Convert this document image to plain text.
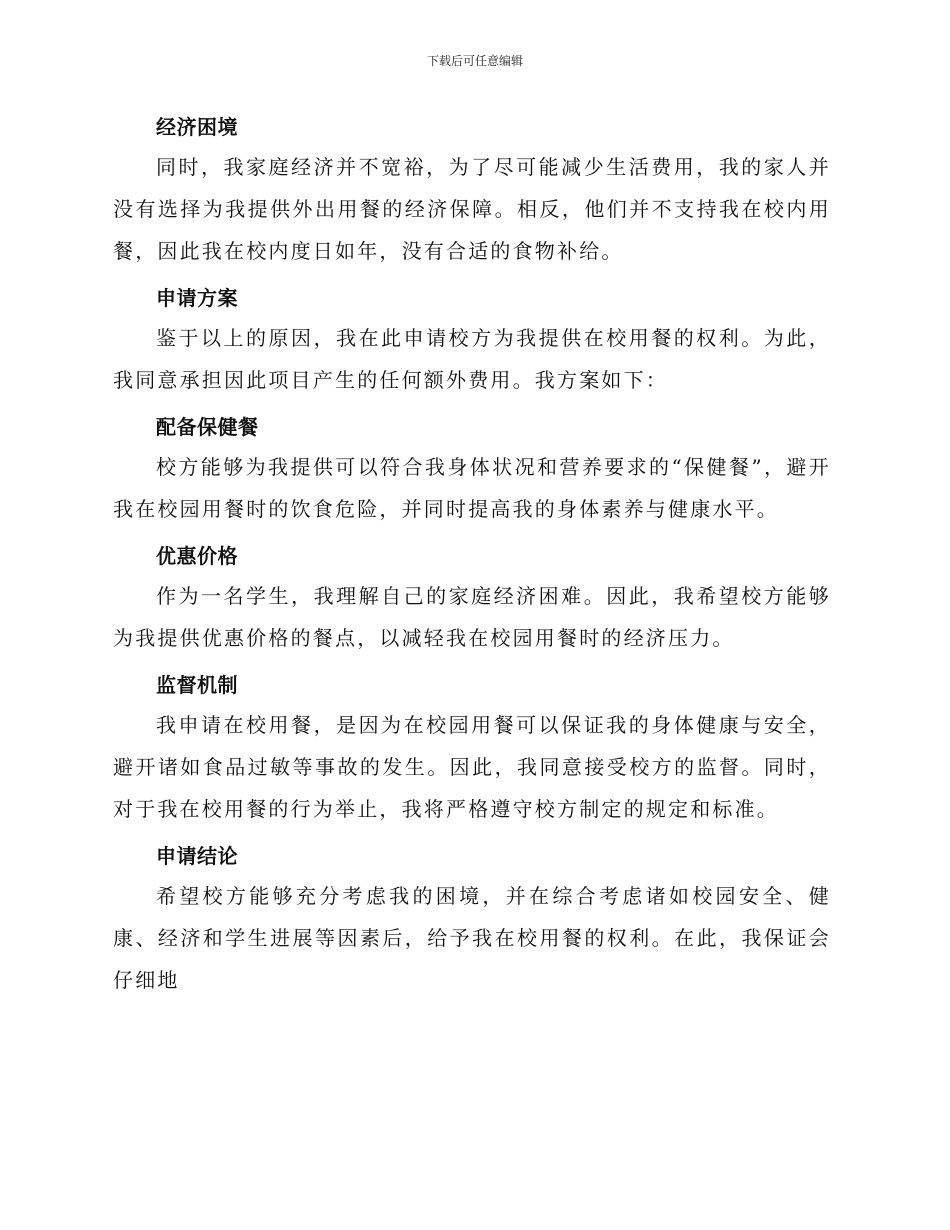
下载后可任意编辑
经济困境

同时，我家庭经济并不宽裕，为了尽可能减少生活费用，我的家人并没有选择为我提供外出用餐的经济保障。相反，他们并不支持我在校内用餐，因此我在校内度日如年，没有合适的食物补给。

申请方案

鉴于以上的原因，我在此申请校方为我提供在校用餐的权利。为此，我同意承担因此项目产生的任何额外费用。我方案如下：

配备保健餐

校方能够为我提供可以符合我身体状况和营养要求的“保健餐”，避开我在校园用餐时的饮食危险，并同时提高我的身体素养与健康水平。

优惠价格

作为一名学生，我理解自己的家庭经济困难。因此，我希望校方能够为我提供优惠价格的餐点，以减轻我在校园用餐时的经济压力。

监督机制

我申请在校用餐，是因为在校园用餐可以保证我的身体健康与安全，避开诸如食品过敏等事故的发生。因此，我同意接受校方的监督。同时，对于我在校用餐的行为举止，我将严格遵守校方制定的规定和标准。

申请结论

希望校方能够充分考虑我的困境，并在综合考虑诸如校园安全、健康、经济和学生进展等因素后，给予我在校用餐的权利。在此，我保证会仔细地
